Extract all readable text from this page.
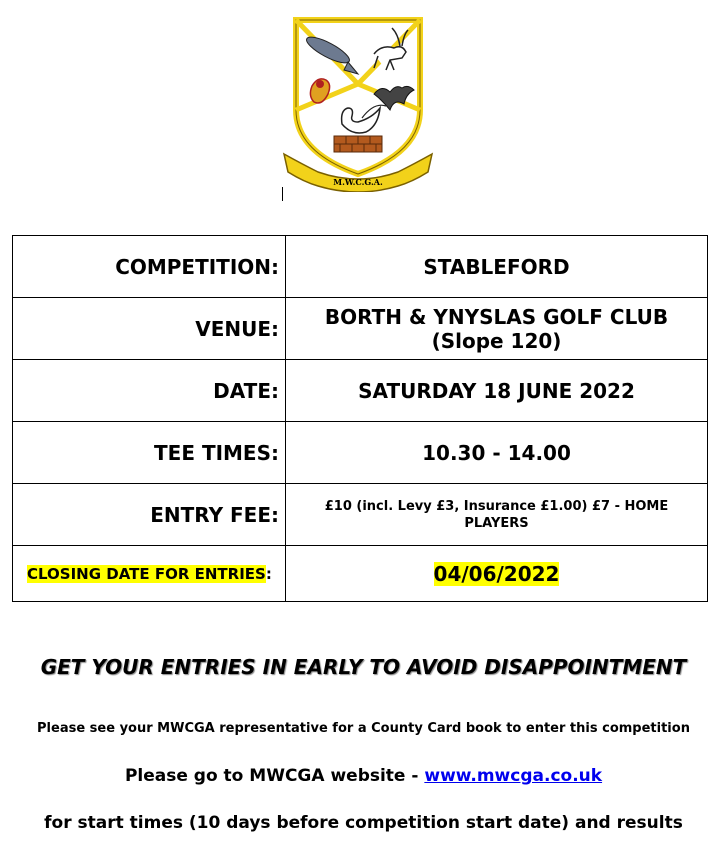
M.W.C.G.A.
COMPETITION:	STABLEFORD
VENUE:	BORTH & YNYSLAS GOLF CLUB
(Slope 120)

DATE:	SATURDAY 18 JUNE 2022
TEE TIMES:	10.30 - 14.00
ENTRY FEE:	£10 (incl. Levy £3, Insurance £1.00) £7 - HOME PLAYERS
CLOSING DATE FOR ENTRIES:	04/06/2022
GET YOUR ENTRIES IN EARLY TO AVOID DISAPPOINTMENT
Please see your MWCGA representative for a County Card book to enter this competition
Please go to MWCGA website - www.mwcga.co.uk
for start times (10 days before competition start date) and results
